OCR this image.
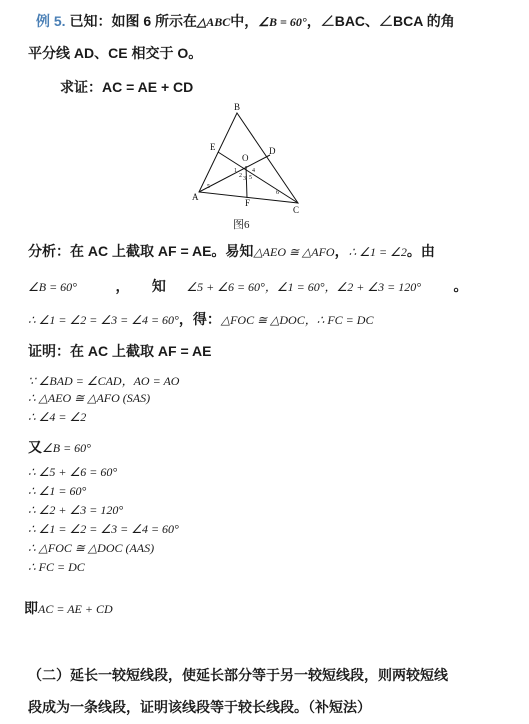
例 5. 已知：如图 6 所示在△ABC中，∠B = 60°，∠BAC、∠BCA 的角
平分线 AD、CE 相交于 O。
求证：AC = AE + CD
B
E	D
O
A
F
C
1
2 3
4
5
6
5
图6
分析：在 AC 上截取 AF = AE。易知△AEO ≅ △AFO，∴ ∠1 = ∠2。由
∠B = 60°	， 知 ∠5 + ∠6 = 60°，∠1 = 60°，∠2 + ∠3 = 120° 。
∴ ∠1 = ∠2 = ∠3 = ∠4 = 60°，得：△FOC ≅ △DOC，∴ FC = DC
证明：在 AC 上截取 AF = AE
∵ ∠BAD = ∠CAD，AO = AO
∴ △AEO ≅ △AFO (SAS)
∴ ∠4 = ∠2
又∠B = 60°
∴ ∠5 + ∠6 = 60°
∴ ∠1 = 60°
∴ ∠2 + ∠3 = 120°
∴ ∠1 = ∠2 = ∠3 = ∠4 = 60°
∴ △FOC ≅ △DOC (AAS)
∴ FC = DC
即AC = AE + CD
（二）延长一较短线段，使延长部分等于另一较短线段，则两较短线
段成为一条线段，证明该线段等于较长线段。（补短法）
